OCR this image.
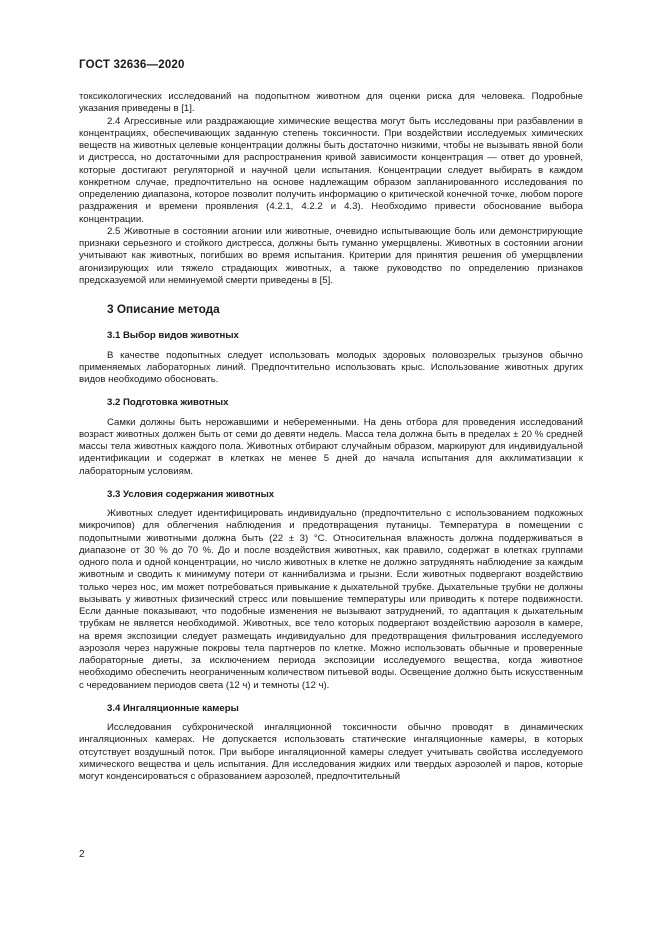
ГОСТ 32636—2020

токсикологических исследований на подопытном животном для оценки риска для человека. Подробные указания приведены в [1].

2.4 Агрессивные или раздражающие химические вещества могут быть исследованы при разбавлении в концентрациях, обеспечивающих заданную степень токсичности. При воздействии исследуемых химических веществ на животных целевые концентрации должны быть достаточно низкими, чтобы не вызывать явной боли и дистресса, но достаточными для распространения кривой зависимости концентрация — ответ до уровней, которые достигают регуляторной и научной цели испытания. Концентрации следует выбирать в каждом конкретном случае, предпочтительно на основе надлежащим образом запланированного исследования по определению диапазона, которое позволит получить информацию о критической конечной точке, любом пороге раздражения и времени проявления (4.2.1, 4.2.2 и 4.3). Необходимо привести обоснование выбора концентрации.

2.5 Животные в состоянии агонии или животные, очевидно испытывающие боль или демонстрирующие признаки серьезного и стойкого дистресса, должны быть гуманно умерщвлены. Животных в состоянии агонии учитывают как животных, погибших во время испытания. Критерии для принятия решения об умерщвлении агонизирующих или тяжело страдающих животных, а также руководство по определению признаков предсказуемой или неминуемой смерти приведены в [5].

3 Описание метода
3.1 Выбор видов животных

В качестве подопытных следует использовать молодых здоровых половозрелых грызунов обычно применяемых лабораторных линий. Предпочтительно использовать крыс. Использование животных других видов необходимо обосновать.

3.2 Подготовка животных

Самки должны быть нерожавшими и небеременными. На день отбора для проведения исследований возраст животных должен быть от семи до девяти недель. Масса тела должна быть в пределах ± 20 % средней массы тела животных каждого пола. Животных отбирают случайным образом, маркируют для индивидуальной идентификации и содержат в клетках не менее 5 дней до начала испытания для акклиматизации к лабораторным условиям.

3.3 Условия содержания животных

Животных следует идентифицировать индивидуально (предпочтительно с использованием подкожных микрочипов) для облегчения наблюдения и предотвращения путаницы. Температура в помещении с подопытными животными должна быть (22 ± 3) °С. Относительная влажность должна поддерживаться в диапазоне от 30 % до 70 %. До и после воздействия животных, как правило, содержат в клетках группами одного пола и одной концентрации, но число животных в клетке не должно затрудянять наблюдение за каждым животным и сводить к минимуму потери от каннибализма и грызни. Если животных подвергают воздействию только через нос, им может потребоваться привыкание к дыхательной трубке. Дыхательные трубки не должны вызывать у животных физический стресс или повышение температуры или приводить к потере подвижности. Если данные показывают, что подобные изменения не вызывают затруднений, то адаптация к дыхательным трубкам не является необходимой. Животных, все тело которых подвергают воздействию аэрозоля в камере, на время экспозиции следует размещать индивидуально для предотвращения фильтрования исследуемого аэрозоля через наружные покровы тела партнеров по клетке. Можно использовать обычные и проверенные лабораторные диеты, за исключением периода экспозиции исследуемого вещества, когда животное необходимо обеспечить неограниченным количеством питьевой воды. Освещение должно быть искусственным с чередованием периодов света (12 ч) и темноты (12 ч).

3.4 Ингаляционные камеры

Исследования субхронической ингаляционной токсичности обычно проводят в динамических ингаляционных камерах. Не допускается использовать статические ингаляционные камеры, в которых отсутствует воздушный поток. При выборе ингаляционной камеры следует учитывать свойства исследуемого химического вещества и цель испытания. Для исследования жидких или твердых аэрозолей и паров, которые могут конденсироваться с образованием аэрозолей, предпочтительный

2
